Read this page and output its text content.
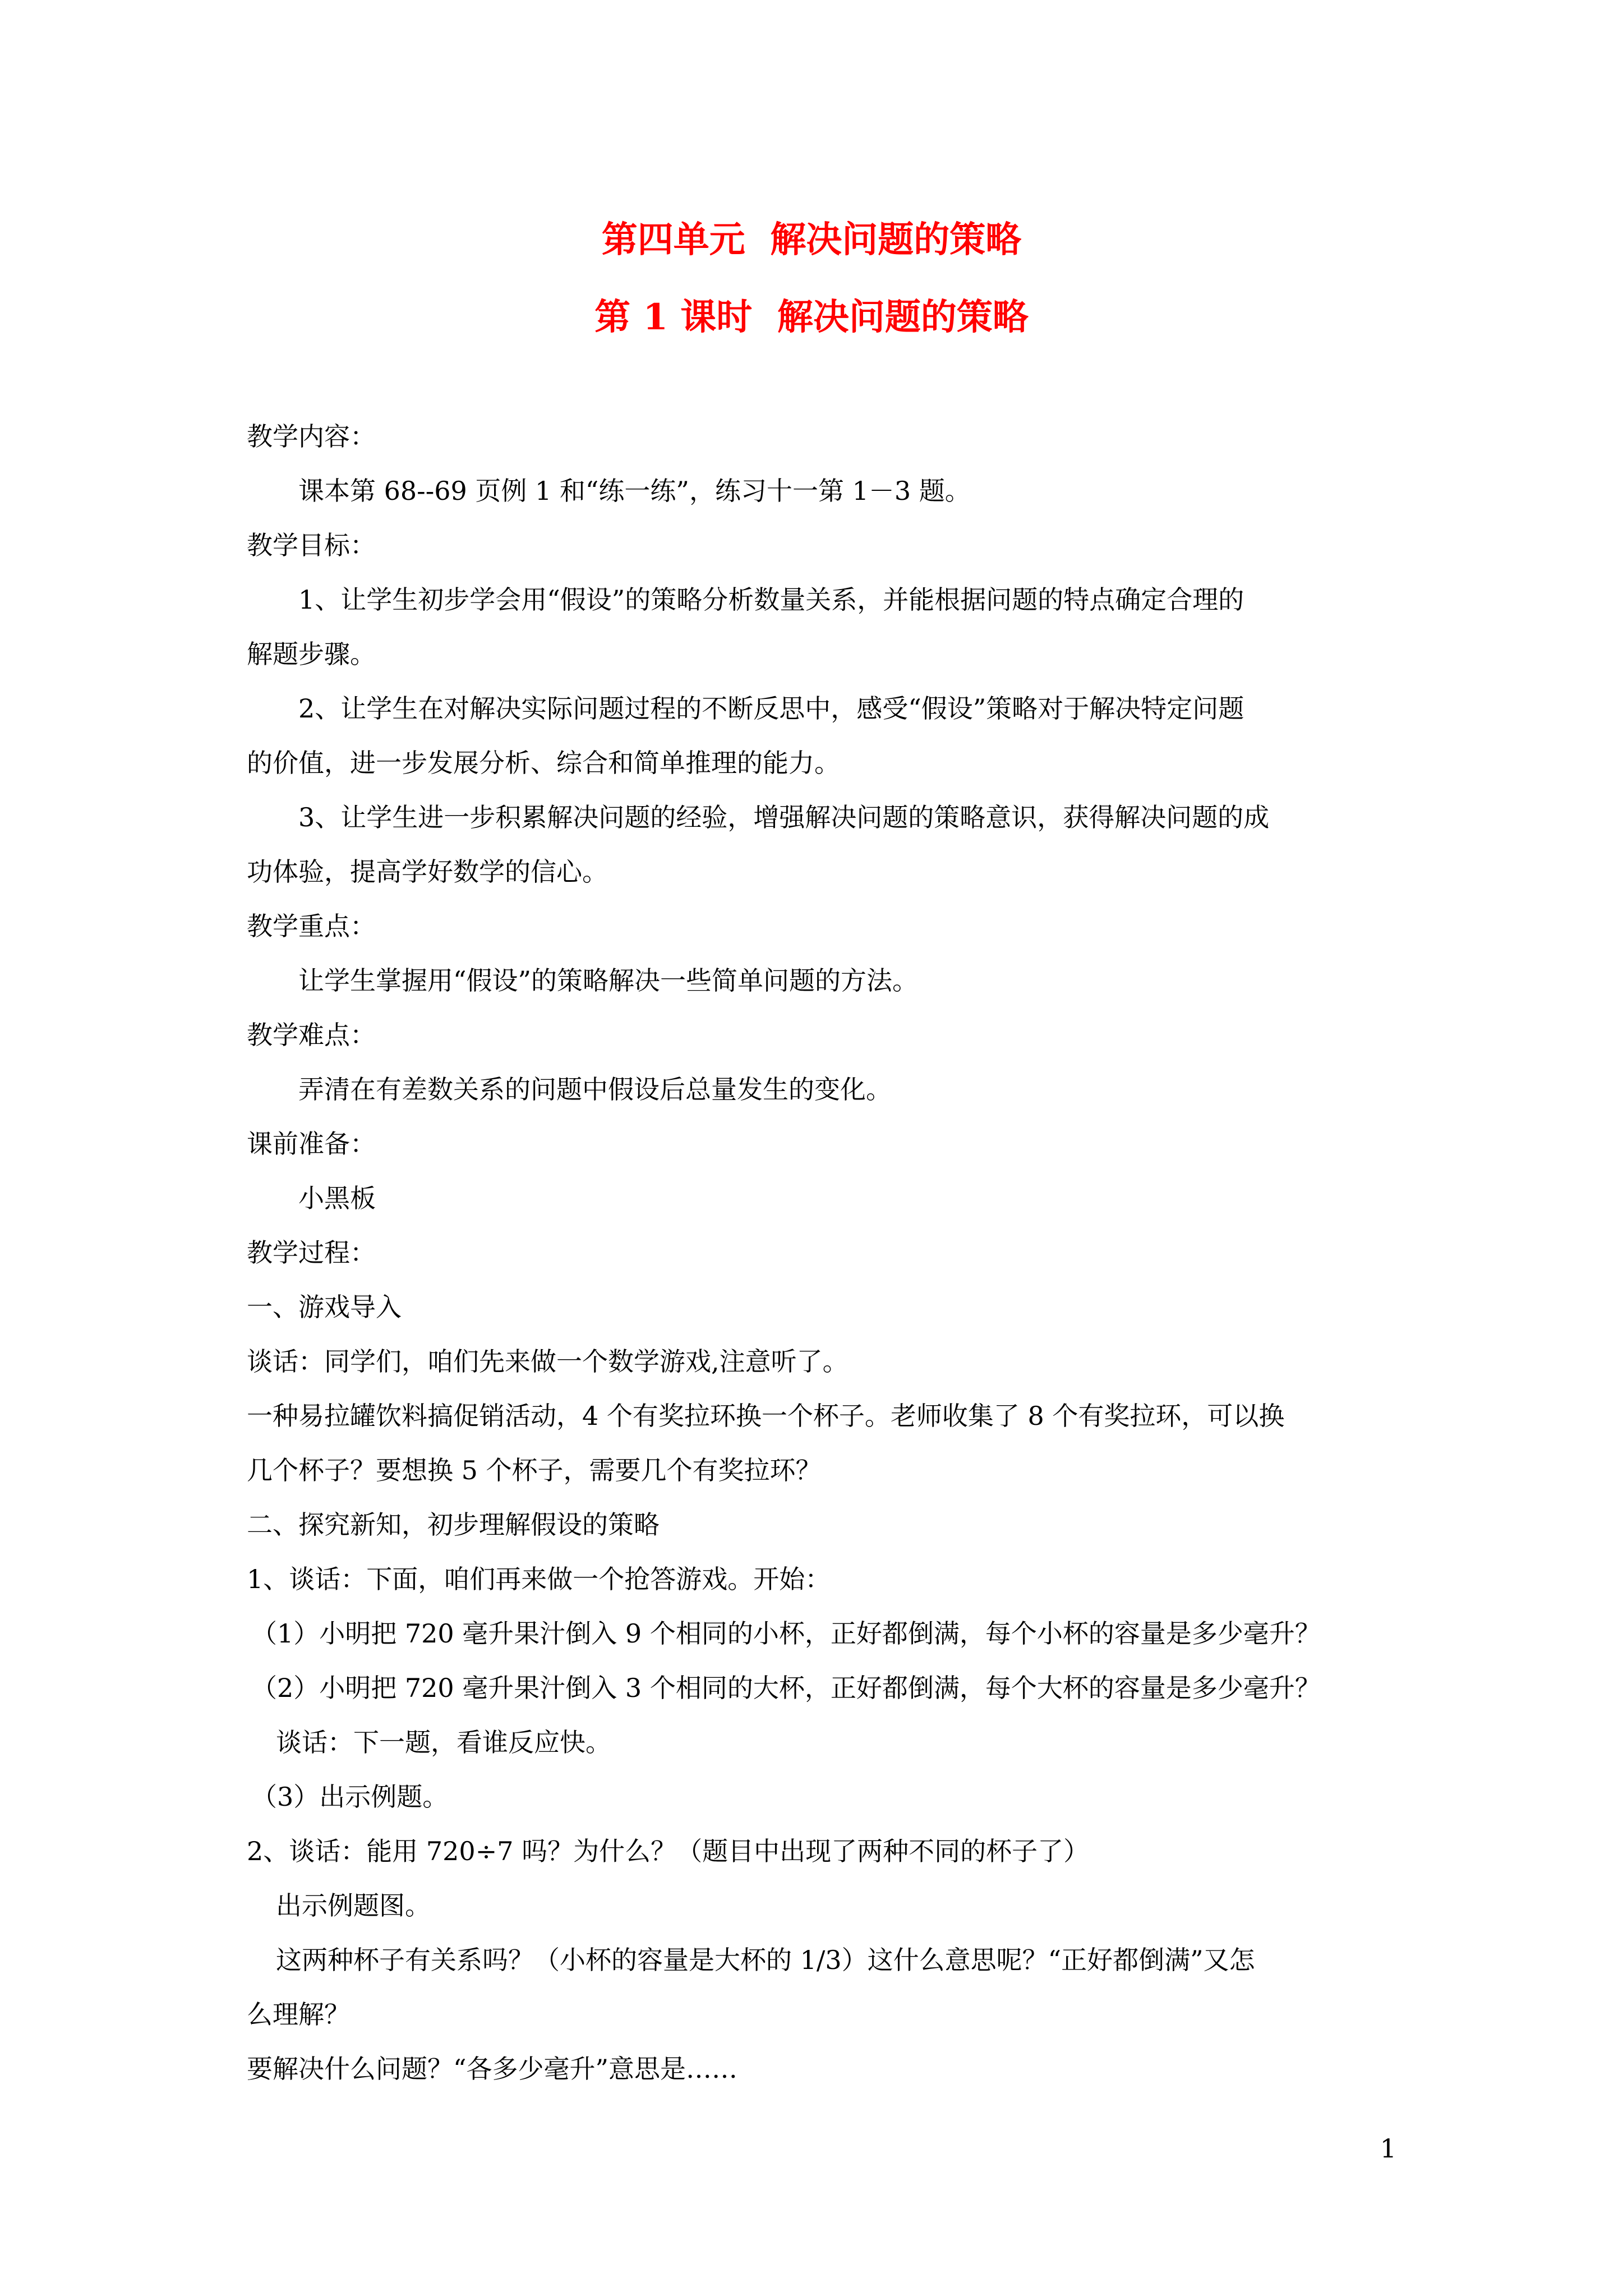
第四单元  解决问题的策略
第 1 课时  解决问题的策略
教学内容：
课本第 68--69 页例 1 和“练一练”，练习十一第 1－3 题。
教学目标：
1、让学生初步学会用“假设”的策略分析数量关系，并能根据问题的特点确定合理的
解题步骤。
2、让学生在对解决实际问题过程的不断反思中，感受“假设”策略对于解决特定问题
的价值，进一步发展分析、综合和简单推理的能力。
3、让学生进一步积累解决问题的经验，增强解决问题的策略意识，获得解决问题的成
功体验，提高学好数学的信心。
教学重点：
让学生掌握用“假设”的策略解决一些简单问题的方法。
教学难点：
弄清在有差数关系的问题中假设后总量发生的变化。
课前准备：
小黑板
教学过程：
一、游戏导入
谈话：同学们，咱们先来做一个数学游戏,注意听了。
一种易拉罐饮料搞促销活动，4 个有奖拉环换一个杯子。老师收集了 8 个有奖拉环，可以换
几个杯子？要想换 5 个杯子，需要几个有奖拉环？
二、探究新知，初步理解假设的策略
1、谈话：下面，咱们再来做一个抢答游戏。开始：
（1）小明把 720 毫升果汁倒入 9 个相同的小杯，正好都倒满，每个小杯的容量是多少毫升？
（2）小明把 720 毫升果汁倒入 3 个相同的大杯，正好都倒满，每个大杯的容量是多少毫升？
谈话：下一题，看谁反应快。
（3）出示例题。
2、谈话：能用 720÷7 吗？为什么？（题目中出现了两种不同的杯子了）
出示例题图。
这两种杯子有关系吗？（小杯的容量是大杯的 1/3）这什么意思呢？“正好都倒满”又怎
么理解？
要解决什么问题？“各多少毫升”意思是……
1
